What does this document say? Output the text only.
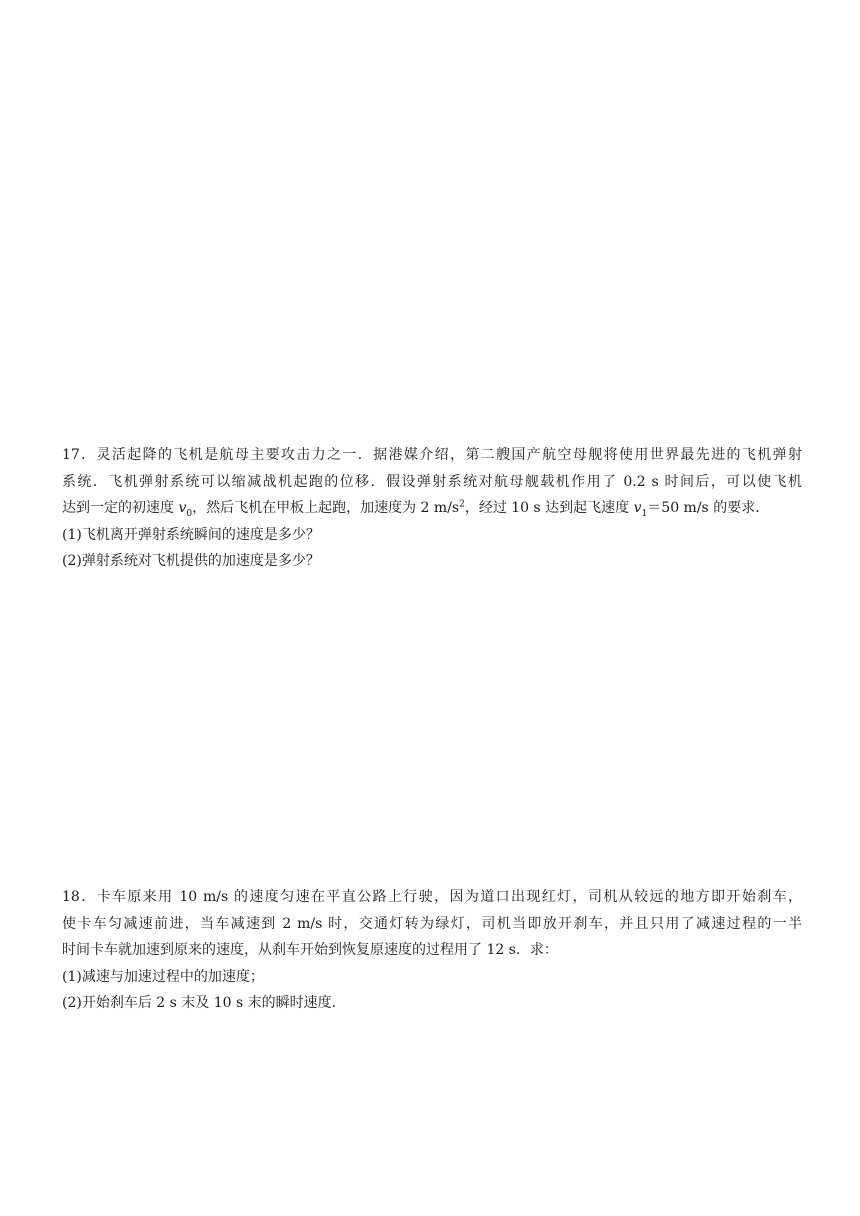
17．灵活起降的飞机是航母主要攻击力之一．据港媒介绍，第二艘国产航空母舰将使用世界最先进的飞机弹射

系统．飞机弹射系统可以缩减战机起跑的位移．假设弹射系统对航母舰载机作用了 0.2 s 时间后，可以使飞机

达到一定的初速度 $v_0$，然后飞机在甲板上起跑，加速度为 2 $m/s^2$，经过 10 s 达到起飞速度 $v_1=50$ m/s 的要求．

(1)飞机离开弹射系统瞬间的速度是多少？

(2)弹射系统对飞机提供的加速度是多少？

18．卡车原来用 10 m/s 的速度匀速在平直公路上行驶，因为道口出现红灯，司机从较远的地方即开始刹车，

使卡车匀减速前进，当车减速到 2 m/s 时，交通灯转为绿灯，司机当即放开刹车，并且只用了减速过程的一半

时间卡车就加速到原来的速度，从刹车开始到恢复原速度的过程用了 12 s．求：

(1)减速与加速过程中的加速度；

(2)开始刹车后 2 s 末及 10 s 末的瞬时速度．
